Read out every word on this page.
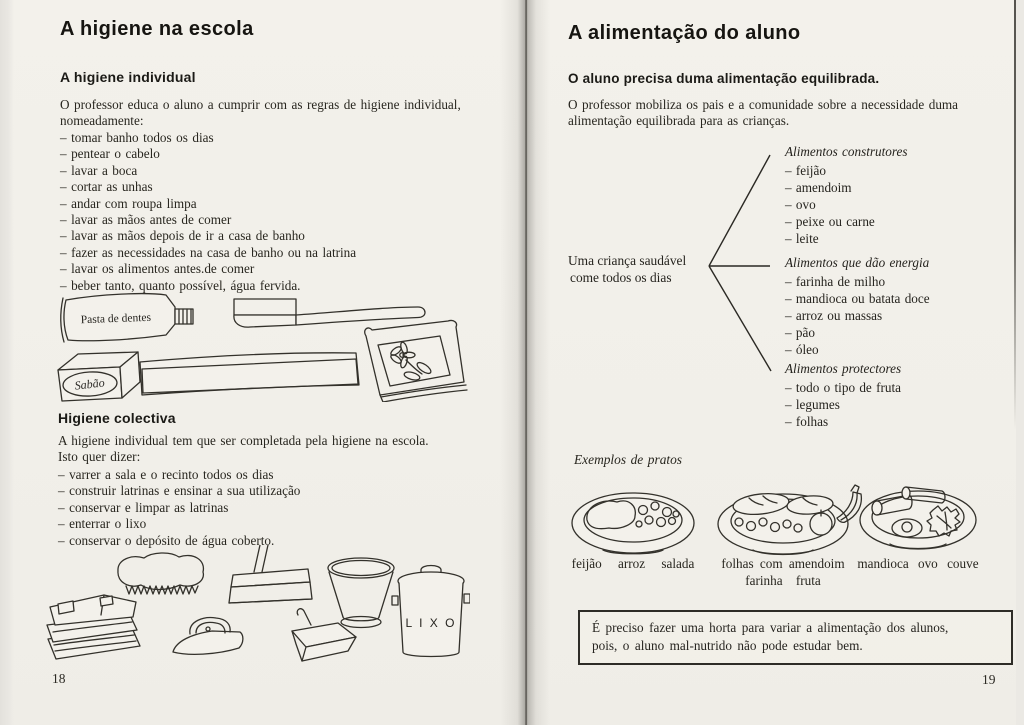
A higiene na escola
A higiene individual
O professor educa o aluno a cumprir com as regras de higiene individual,
nomeadamente:
– tomar banho todos os dias
– pentear o cabelo
– lavar a boca
– cortar as unhas
– andar com roupa limpa
– lavar as mãos antes de comer
– lavar as mãos depois de ir a casa de banho
– fazer as necessidades na casa de banho ou na latrina
– lavar os alimentos antes.de comer
– beber tanto, quanto possível, água fervida.
Pasta de dentes
Sabão
Higiene colectiva
A higiene individual tem que ser completada pela higiene na escola.
Isto quer dizer:
– varrer a sala e o recinto todos os dias
– construir latrinas e ensinar a sua utilização
– conservar e limpar as latrinas
– enterrar o lixo
– conservar o depósito de água coberto.
L I X O
18
A alimentação do aluno
O aluno precisa duma alimentação equilibrada.
O professor mobiliza os pais e a comunidade sobre a necessidade duma
alimentação equilibrada para as crianças.
Uma criança saudável
come todos os dias
Alimentos construtores
– feijão
– amendoim
– ovo
– peixe ou carne
– leite
Alimentos que dão energia
– farinha de milho
– mandioca ou batata doce
– arroz ou massas
– pão
– óleo
Alimentos protectores
– todo o tipo de fruta
– legumes
– folhas
Exemplos de pratos
feijão arroz salada folhas com amendoim
farinha fruta
mandioca ovo couve
É preciso fazer uma horta para variar a alimentação dos alunos,
pois, o aluno mal-nutrido não pode estudar bem.
19
